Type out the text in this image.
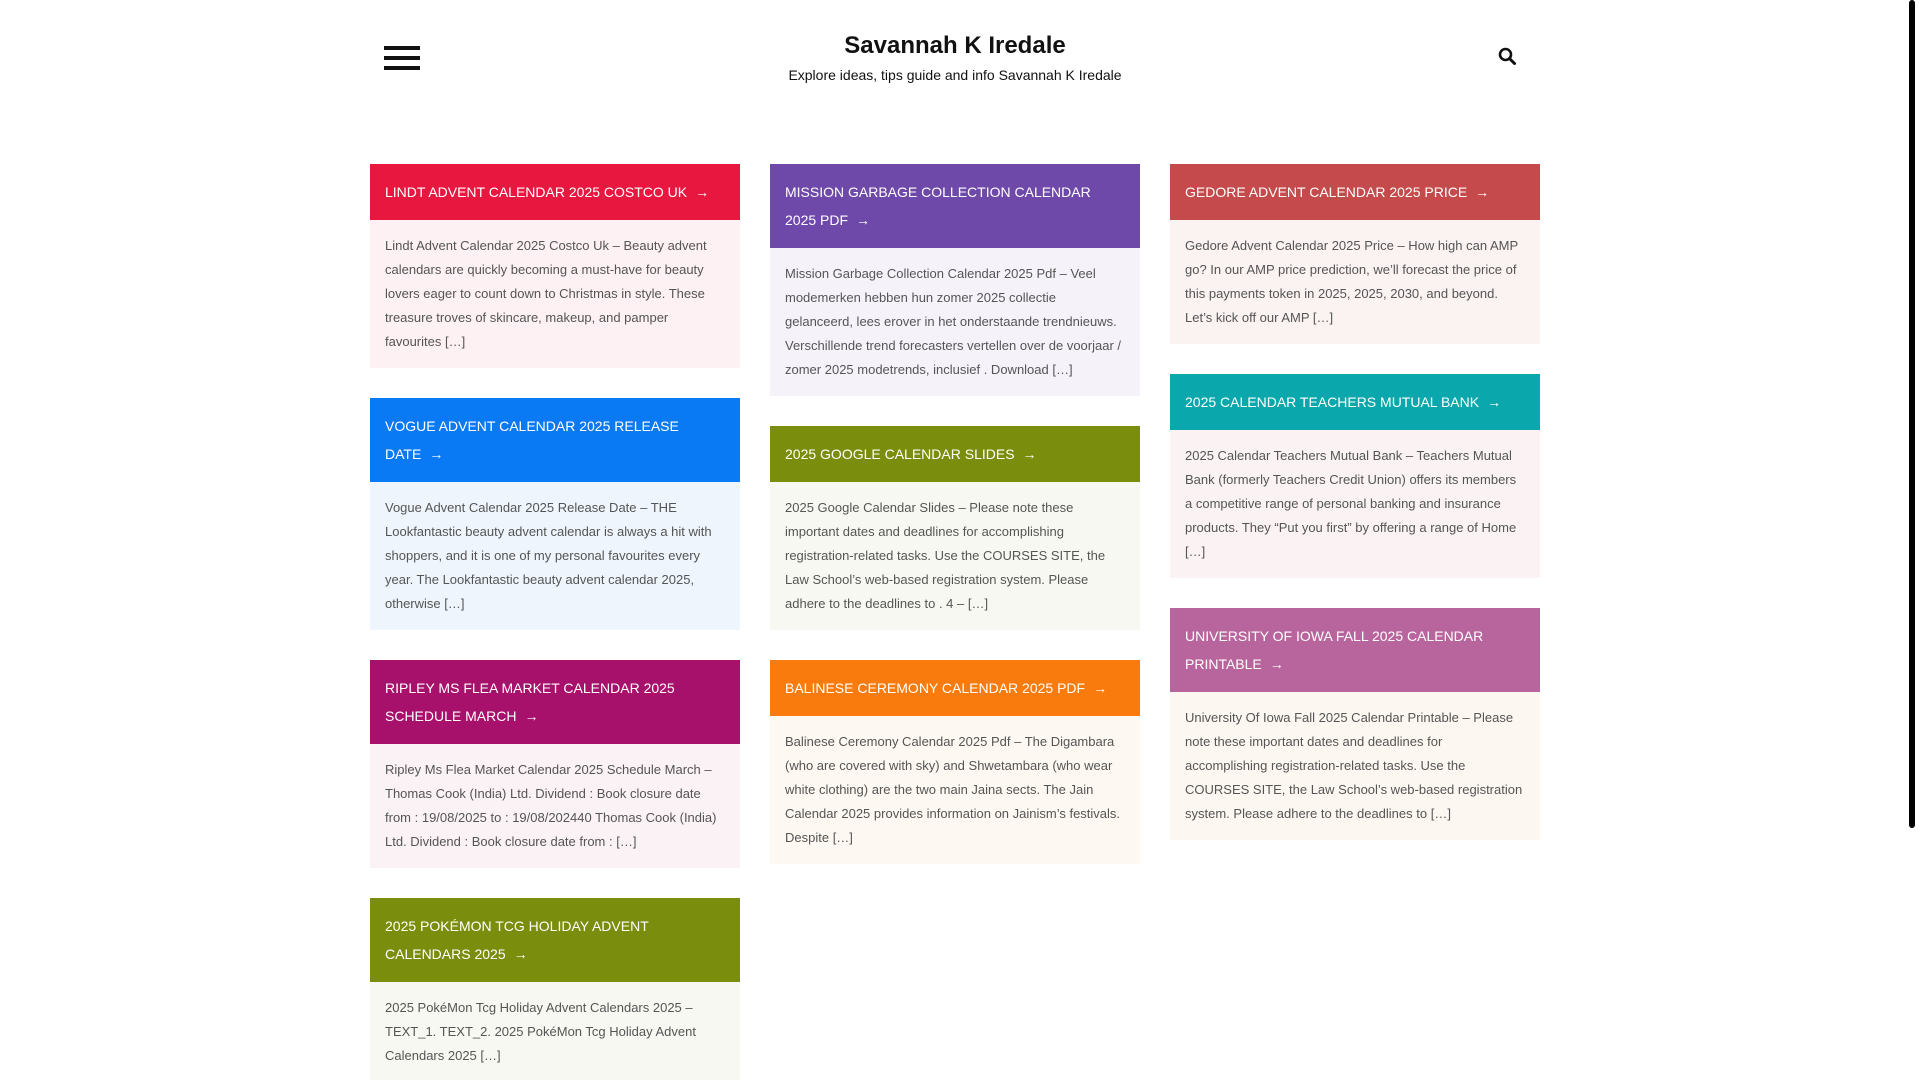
Savannah K Iredale

Explore ideas, tips guide and info Savannah K Iredale

LINDT ADVENT CALENDAR 2025 COSTCO UK →

Lindt Advent Calendar 2025 Costco Uk – Beauty advent calendars are quickly becoming a must-have for beauty lovers eager to count down to Christmas in style. These treasure troves of skincare, makeup, and pamper favourites […]

VOGUE ADVENT CALENDAR 2025 RELEASE DATE →

Vogue Advent Calendar 2025 Release Date – THE Lookfantastic beauty advent calendar is always a hit with shoppers, and it is one of my personal favourites every year. The Lookfantastic beauty advent calendar 2025, otherwise […]

RIPLEY MS FLEA MARKET CALENDAR 2025 SCHEDULE MARCH →

Ripley Ms Flea Market Calendar 2025 Schedule March – Thomas Cook (India) Ltd. Dividend : Book closure date from : 19/08/2025 to : 19/08/202440 Thomas Cook (India) Ltd. Dividend : Book closure date from : […]

2025 POKÉMON TCG HOLIDAY ADVENT CALENDARS 2025 →

2025 PokéMon Tcg Holiday Advent Calendars 2025 – TEXT_1. TEXT_2. 2025 PokéMon Tcg Holiday Advent Calendars 2025 […]

MISSION GARBAGE COLLECTION CALENDAR 2025 PDF →

Mission Garbage Collection Calendar 2025 Pdf – Veel modemerken hebben hun zomer 2025 collectie gelanceerd, lees erover in het onderstaande trendnieuws. Verschillende trend forecasters vertellen over de voorjaar / zomer 2025 modetrends, inclusief . Download […]

2025 GOOGLE CALENDAR SLIDES →

2025 Google Calendar Slides – Please note these important dates and deadlines for accomplishing registration-related tasks. Use the COURSES SITE, the Law School’s web-based registration system. Please adhere to the deadlines to . 4 – […]

BALINESE CEREMONY CALENDAR 2025 PDF →

Balinese Ceremony Calendar 2025 Pdf – The Digambara (who are covered with sky) and Shwetambara (who wear white clothing) are the two main Jaina sects. The Jain Calendar 2025 provides information on Jainism’s festivals. Despite […]

GEDORE ADVENT CALENDAR 2025 PRICE →

Gedore Advent Calendar 2025 Price – How high can AMP go? In our AMP price prediction, we’ll forecast the price of this payments token in 2025, 2025, 2030, and beyond. Let’s kick off our AMP […]

2025 CALENDAR TEACHERS MUTUAL BANK →

2025 Calendar Teachers Mutual Bank – Teachers Mutual Bank (formerly Teachers Credit Union) offers its members a competitive range of personal banking and insurance products. They “Put you first” by offering a range of Home […]

UNIVERSITY OF IOWA FALL 2025 CALENDAR PRINTABLE →

University Of Iowa Fall 2025 Calendar Printable – Please note these important dates and deadlines for accomplishing registration-related tasks. Use the COURSES SITE, the Law School’s web-based registration system. Please adhere to the deadlines to […]
